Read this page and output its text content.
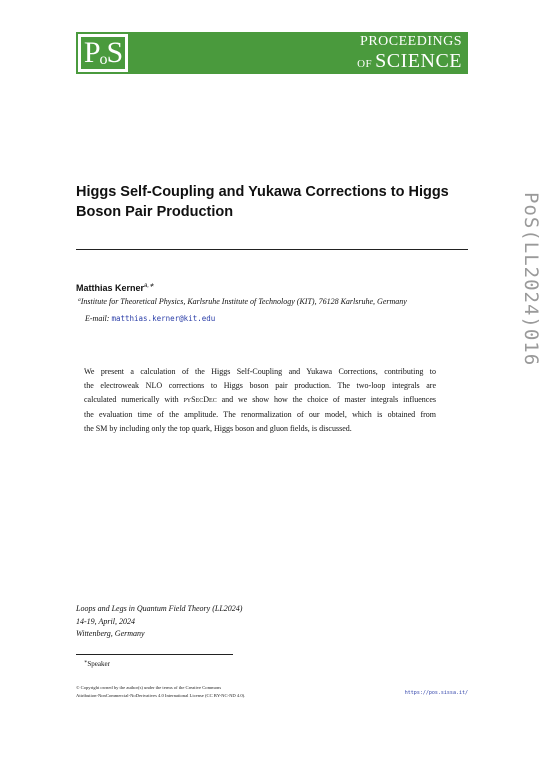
PoS	PROCEEDINGS
OF SCIENCE
PoS(LL2024)016
Higgs Self-Coupling and Yukawa Corrections to Higgs
Boson Pair Production
Matthias Kerner$^{a,∗}$
$^a$Institute for Theoretical Physics, Karlsruhe Institute of Technology (KIT), 76128 Karlsruhe, Germany
E-mail: matthias.kerner@kit.edu
We present a calculation of the Higgs Self-Coupling and Yukawa Corrections, contributing to
the electroweak NLO corrections to Higgs boson pair production. The two-loop integrals are
calculated numerically with pySecDec and we show how the choice of master integrals influences
the evaluation time of the amplitude. The renormalization of our model, which is obtained from
the SM by including only the top quark, Higgs boson and gluon fields, is discussed.
Loops and Legs in Quantum Field Theory (LL2024)
14-19, April, 2024
Wittenberg, Germany
∗Speaker
© Copyright owned by the author(s) under the terms of the Creative Commons
Attribution-NonCommercial-NoDerivatives 4.0 International License (CC BY-NC-ND 4.0).	https://pos.sissa.it/
